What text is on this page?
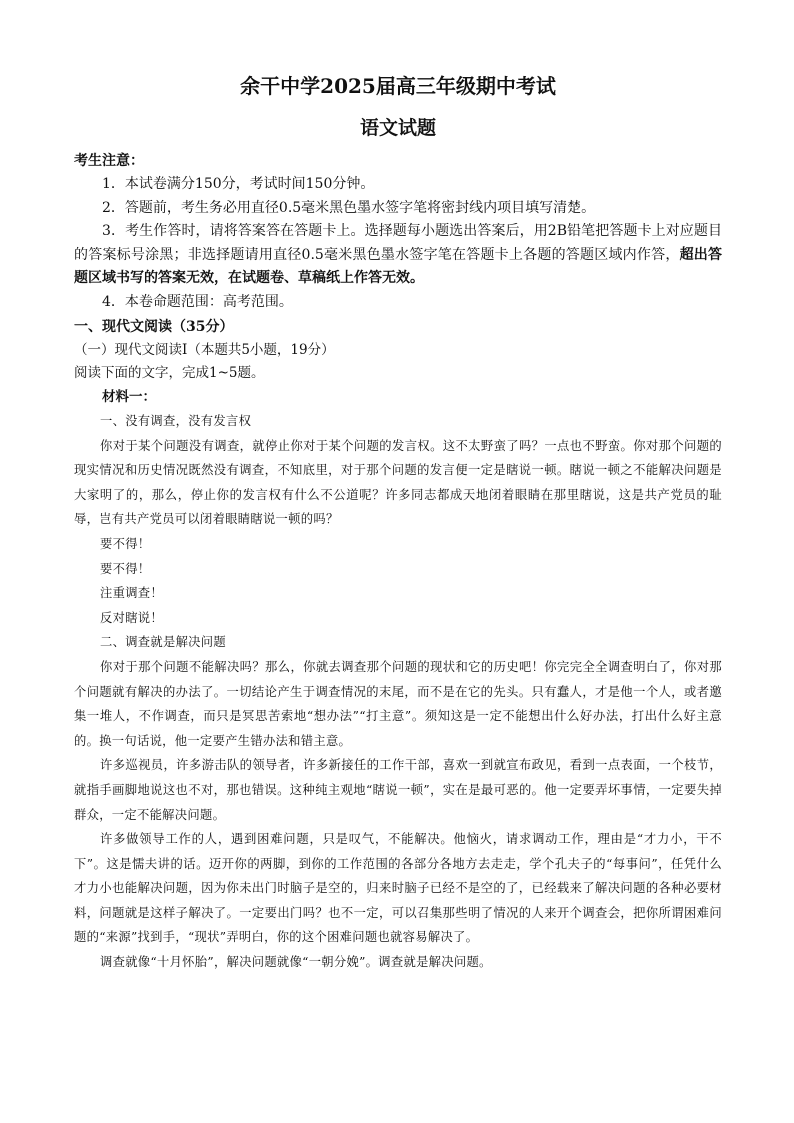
余干中学2025届高三年级期中考试
语文试题
考生注意：

1．本试卷满分150分，考试时间150分钟。

2．答题前，考生务必用直径0.5毫米黑色墨水签字笔将密封线内项目填写清楚。

3．考生作答时，请将答案答在答题卡上。选择题每小题选出答案后，用2B铅笔把答题卡上对应题目的答案标号涂黑；非选择题请用直径0.5毫米黑色墨水签字笔在答题卡上各题的答题区域内作答，超出答题区域书写的答案无效，在试题卷、草稿纸上作答无效。

4．本卷命题范围：高考范围。

一、现代文阅读（35分）
（一）现代文阅读Ⅰ（本题共5小题，19分）
阅读下面的文字，完成1~5题。
材料一：
一、没有调查，没有发言权

你对于某个问题没有调查，就停止你对于某个问题的发言权。这不太野蛮了吗？一点也不野蛮。你对那个问题的现实情况和历史情况既然没有调查，不知底里，对于那个问题的发言便一定是瞎说一顿。瞎说一顿之不能解决问题是大家明了的，那么，停止你的发言权有什么不公道呢？许多同志都成天地闭着眼睛在那里瞎说，这是共产党员的耻辱，岂有共产党员可以闭着眼睛瞎说一顿的吗？

要不得！
要不得！
注重调查！
反对瞎说！
二、调查就是解决问题

你对于那个问题不能解决吗？那么，你就去调查那个问题的现状和它的历史吧！你完完全全调查明白了，你对那个问题就有解决的办法了。一切结论产生于调查情况的末尾，而不是在它的先头。只有蠢人，才是他一个人，或者邀集一堆人，不作调查，而只是冥思苦索地“想办法”“打主意”。须知这是一定不能想出什么好办法，打出什么好主意的。换一句话说，他一定要产生错办法和错主意。

许多巡视员，许多游击队的领导者，许多新接任的工作干部，喜欢一到就宣布政见，看到一点表面，一个枝节，就指手画脚地说这也不对，那也错误。这种纯主观地“瞎说一顿”，实在是最可恶的。他一定要弄坏事情，一定要失掉群众，一定不能解决问题。

许多做领导工作的人，遇到困难问题，只是叹气，不能解决。他恼火，请求调动工作，理由是“才力小，干不下”。这是懦夫讲的话。迈开你的两脚，到你的工作范围的各部分各地方去走走，学个孔夫子的“每事问”，任凭什么才力小也能解决问题，因为你未出门时脑子是空的，归来时脑子已经不是空的了，已经载来了解决问题的各种必要材料，问题就是这样子解决了。一定要出门吗？也不一定，可以召集那些明了情况的人来开个调查会，把你所谓困难问题的“来源”找到手，“现状”弄明白，你的这个困难问题也就容易解决了。

调查就像“十月怀胎”，解决问题就像“一朝分娩”。调查就是解决问题。
